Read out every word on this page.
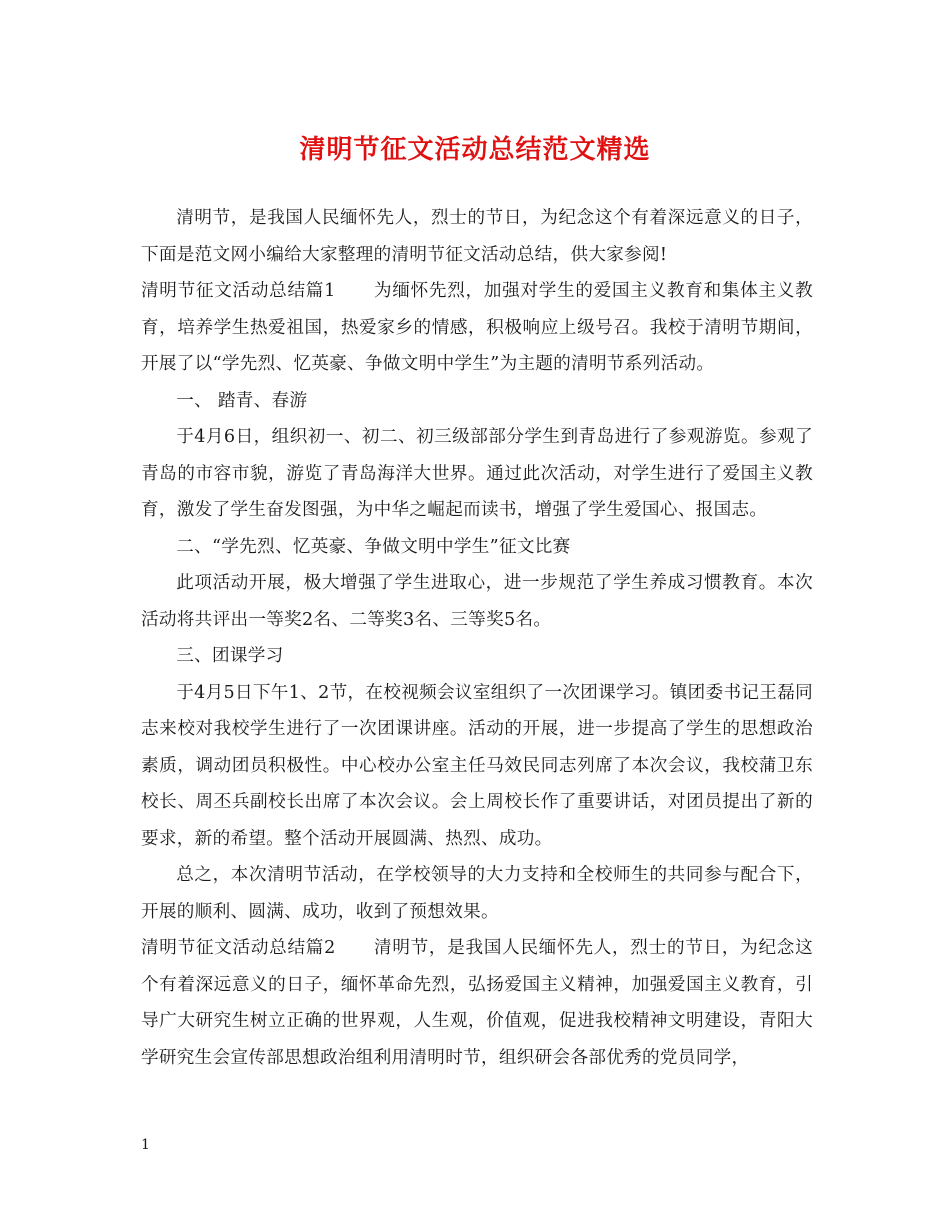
清明节征文活动总结范文精选

清明节，是我国人民缅怀先人，烈士的节日，为纪念这个有着深远意义的日子，下面是范文网小编给大家整理的清明节征文活动总结，供大家参阅!

清明节征文活动总结篇1 为缅怀先烈，加强对学生的爱国主义教育和集体主义教育，培养学生热爱祖国，热爱家乡的情感，积极响应上级号召。我校于清明节期间，开展了以“学先烈、忆英豪、争做文明中学生”为主题的清明节系列活动。

一、 踏青、春游

于4月6日，组织初一、初二、初三级部部分学生到青岛进行了参观游览。参观了青岛的市容市貌，游览了青岛海洋大世界。通过此次活动，对学生进行了爱国主义教育，激发了学生奋发图强，为中华之崛起而读书，增强了学生爱国心、报国志。

二、“学先烈、忆英豪、争做文明中学生”征文比赛

此项活动开展，极大增强了学生进取心，进一步规范了学生养成习惯教育。本次活动将共评出一等奖2名、二等奖3名、三等奖5名。

三、团课学习

于4月5日下午1、2节，在校视频会议室组织了一次团课学习。镇团委书记王磊同志来校对我校学生进行了一次团课讲座。活动的开展，进一步提高了学生的思想政治素质，调动团员积极性。中心校办公室主任马效民同志列席了本次会议，我校蒲卫东校长、周丕兵副校长出席了本次会议。会上周校长作了重要讲话，对团员提出了新的要求，新的希望。整个活动开展圆满、热烈、成功。

总之，本次清明节活动，在学校领导的大力支持和全校师生的共同参与配合下，开展的顺利、圆满、成功，收到了预想效果。

清明节征文活动总结篇2 清明节，是我国人民缅怀先人，烈士的节日，为纪念这个有着深远意义的日子，缅怀革命先烈，弘扬爱国主义精神，加强爱国主义教育，引导广大研究生树立正确的世界观，人生观，价值观，促进我校精神文明建设，青阳大学研究生会宣传部思想政治组利用清明时节，组织研会各部优秀的党员同学，

1
